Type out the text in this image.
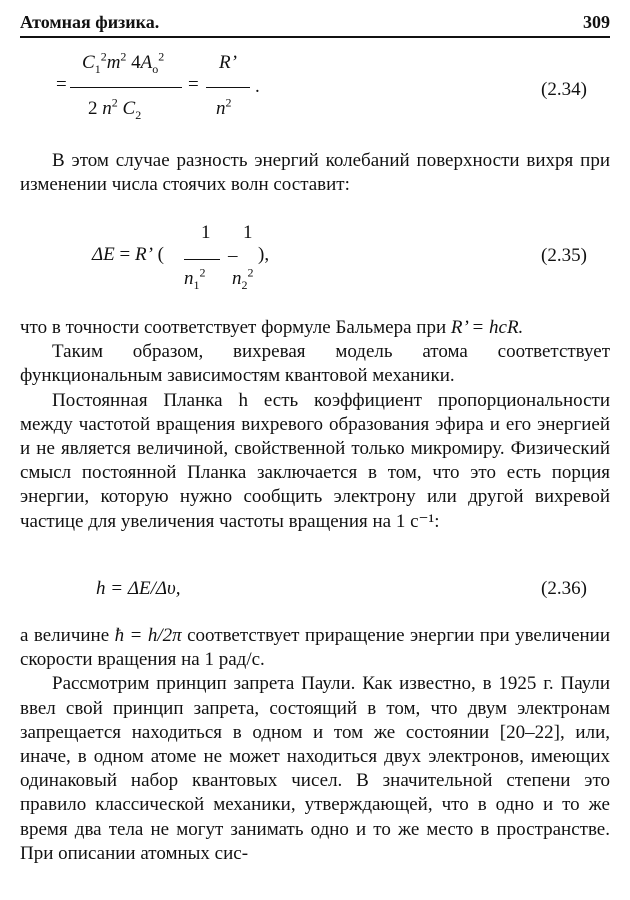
Атомная физика.	309
=
$C_1^2m^2$ $4A_o^2$
2 $n^2$ $C_2$
=
R’
$n^2$
.	(2.34)

В этом случае разность энергий колебаний поверхности вихря при изменении числа стоячих волн составит:

ΔE = R’ (
1
$n_1^2$
–
1
$n_2^2$
),	(2.35)

что в точности соответствует формуле Бальмера при R’ = hcR.

Таким образом, вихревая модель атома соответствует функциональным зависимостям квантовой механики.

Постоянная Планка h есть коэффициент пропорциональности между частотой вращения вихревого образования эфира и его энергией и не является величиной, свойственной только микромиру. Физический смысл постоянной Планка заключается в том, что это есть порция энергии, которую нужно сообщить электрону или другой вихревой частице для увеличения частоты вращения на 1 с⁻¹:

h = ΔE/Δυ,	(2.36)

а величине ħ = h/2π соответствует приращение энергии при увеличении скорости вращения на 1 рад/с.

Рассмотрим принцип запрета Паули. Как известно, в 1925 г. Паули ввел свой принцип запрета, состоящий в том, что двум электронам запрещается находиться в одном и том же состоянии [20–22], или, иначе, в одном атоме не может находиться двух электронов, имеющих одинаковый набор квантовых чисел. В значительной степени это правило классической механики, утверждающей, что в одно и то же время два тела не могут занимать одно и то же место в пространстве. При описании атомных сис-
